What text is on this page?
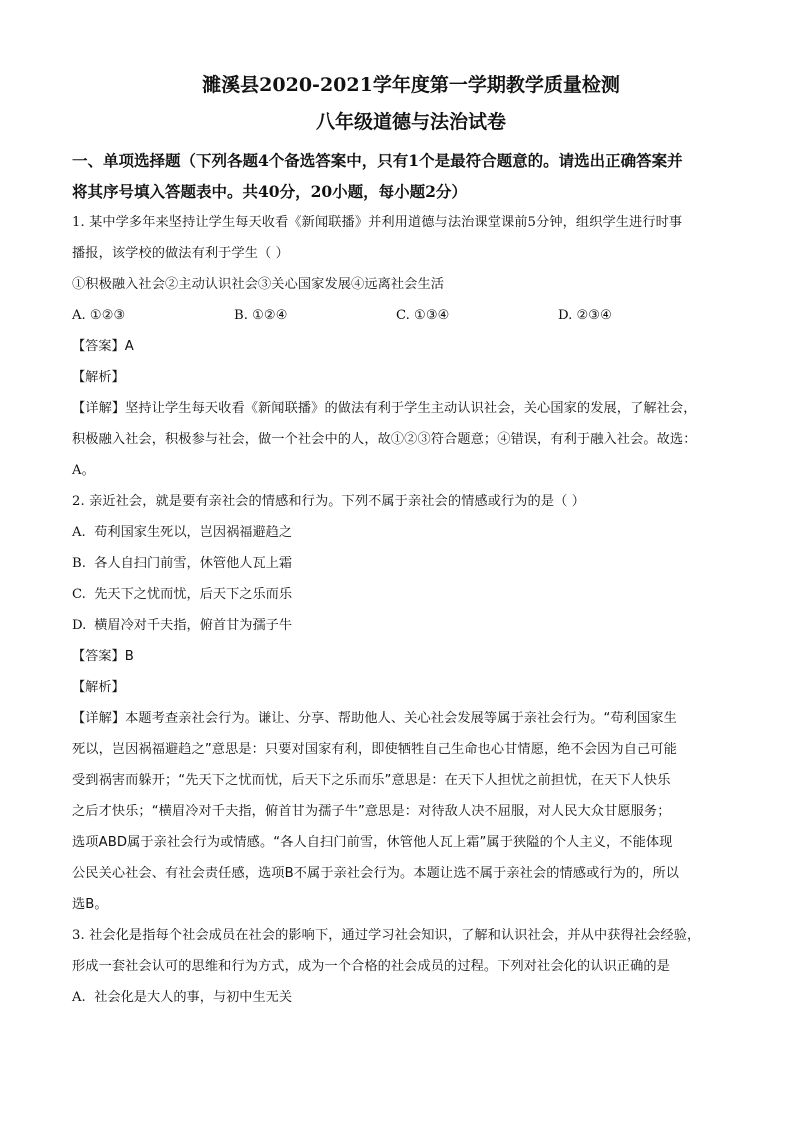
濉溪县2020-2021学年度第一学期教学质量检测

八年级道德与法治试卷

一、单项选择题（下列各题4个备选答案中，只有1个是最符合题意的。请选出正确答案并

将其序号填入答题表中。共40分，20小题，每小题2分）

1. 某中学多年来坚持让学生每天收看《新闻联播》并利用道德与法治课堂课前5分钟，组织学生进行时事

播报，该学校的做法有利于学生（ ）

①积极融入社会②主动认识社会③关心国家发展④远离社会生活

A. ①②③	B. ①②④	C. ①③④	D. ②③④

【答案】A

【解析】

【详解】坚持让学生每天收看《新闻联播》的做法有利于学生主动认识社会，关心国家的发展，了解社会，

积极融入社会，积极参与社会，做一个社会中的人，故①②③符合题意；④错误，有利于融入社会。故选：

A。

2. 亲近社会，就是要有亲社会的情感和行为。下列不属于亲社会的情感或行为的是（ ）

A. 苟利国家生死以，岂因祸福避趋之

B. 各人自扫门前雪，休管他人瓦上霜

C. 先天下之忧而忧，后天下之乐而乐

D. 横眉冷对千夫指，俯首甘为孺子牛

【答案】B

【解析】

【详解】本题考查亲社会行为。谦让、分享、帮助他人、关心社会发展等属于亲社会行为。“苟利国家生

死以，岂因祸福避趋之”意思是：只要对国家有利，即使牺牲自己生命也心甘情愿，绝不会因为自己可能

受到祸害而躲开；“先天下之忧而忧，后天下之乐而乐”意思是：在天下人担忧之前担忧，在天下人快乐

之后才快乐；“横眉冷对千夫指，俯首甘为孺子牛”意思是：对待敌人决不屈服，对人民大众甘愿服务；

选项ABD属于亲社会行为或情感。“各人自扫门前雪，休管他人瓦上霜”属于狭隘的个人主义，不能体现

公民关心社会、有社会责任感，选项B不属于亲社会行为。本题让选不属于亲社会的情感或行为的，所以

选B。

3. 社会化是指每个社会成员在社会的影响下，通过学习社会知识，了解和认识社会，并从中获得社会经验，

形成一套社会认可的思维和行为方式，成为一个合格的社会成员的过程。下列对社会化的认识正确的是

A. 社会化是大人的事，与初中生无关
